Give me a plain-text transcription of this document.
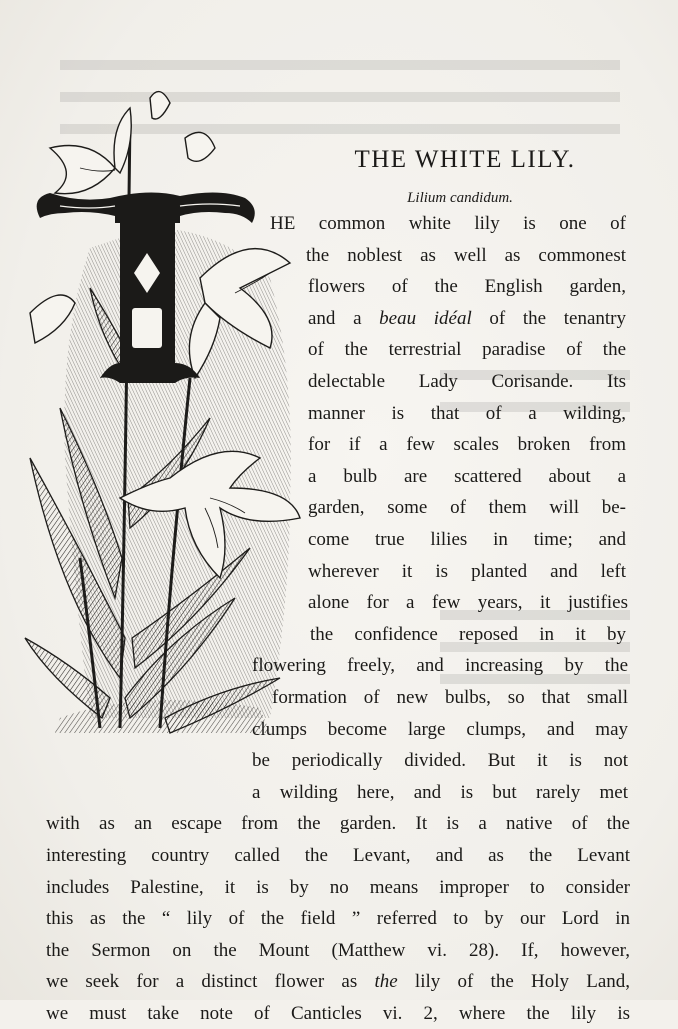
THE WHITE LILY.
Lilium candidum.
HE common white lily is one of
the noblest as well as commonest
flowers of the English garden,
and a beau idéal of the tenantry
of the terrestrial paradise of the
delectable Lady Corisande. Its
manner is that of a wilding,
for if a few scales broken from
a bulb are scattered about a
garden, some of them will be-
come true lilies in time; and
wherever it is planted and left
alone for a few years, it justifies
the confidence reposed in it by
flowering freely, and increasing by the
formation of new bulbs, so that small
clumps become large clumps, and may
be periodically divided. But it is not
a wilding here, and is but rarely met
with as an escape from the garden. It is a native of the
interesting country called the Levant, and as the Levant
includes Palestine, it is by no means improper to consider
this as the “ lily of the field ” referred to by our Lord in
the Sermon on the Mount (Matthew vi. 28). If, however,
we seek for a distinct flower as the lily of the Holy Land,
we must take note of Canticles vi. 2, where the lily is
